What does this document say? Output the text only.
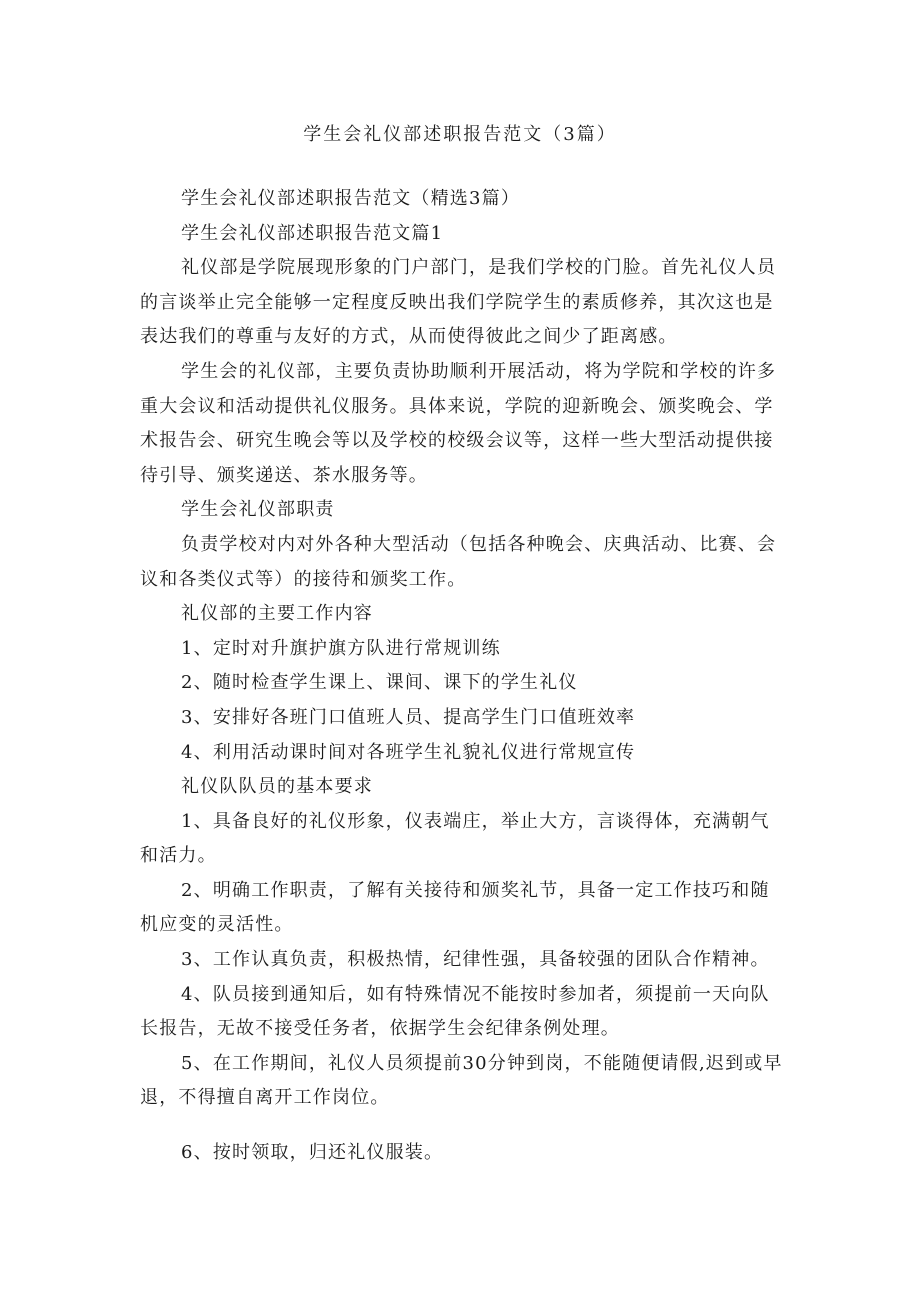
学生会礼仪部述职报告范文（3篇）

学生会礼仪部述职报告范文（精选3篇）

学生会礼仪部述职报告范文篇1

礼仪部是学院展现形象的门户部门，是我们学校的门脸。首先礼仪人员的言谈举止完全能够一定程度反映出我们学院学生的素质修养，其次这也是表达我们的尊重与友好的方式，从而使得彼此之间少了距离感。

学生会的礼仪部，主要负责协助顺利开展活动，将为学院和学校的许多重大会议和活动提供礼仪服务。具体来说，学院的迎新晚会、颁奖晚会、学术报告会、研究生晚会等以及学校的校级会议等，这样一些大型活动提供接待引导、颁奖递送、茶水服务等。

学生会礼仪部职责

负责学校对内对外各种大型活动（包括各种晚会、庆典活动、比赛、会议和各类仪式等）的接待和颁奖工作。

礼仪部的主要工作内容

1、定时对升旗护旗方队进行常规训练

2、随时检查学生课上、课间、课下的学生礼仪

3、安排好各班门口值班人员、提高学生门口值班效率

4、利用活动课时间对各班学生礼貌礼仪进行常规宣传

礼仪队队员的基本要求

1、具备良好的礼仪形象，仪表端庄，举止大方，言谈得体，充满朝气和活力。

2、明确工作职责，了解有关接待和颁奖礼节，具备一定工作技巧和随机应变的灵活性。

3、工作认真负责，积极热情，纪律性强，具备较强的团队合作精神。

4、队员接到通知后，如有特殊情况不能按时参加者，须提前一天向队长报告，无故不接受任务者，依据学生会纪律条例处理。

5、在工作期间，礼仪人员须提前30分钟到岗，不能随便请假,迟到或早退，不得擅自离开工作岗位。

6、按时领取，归还礼仪服装。
